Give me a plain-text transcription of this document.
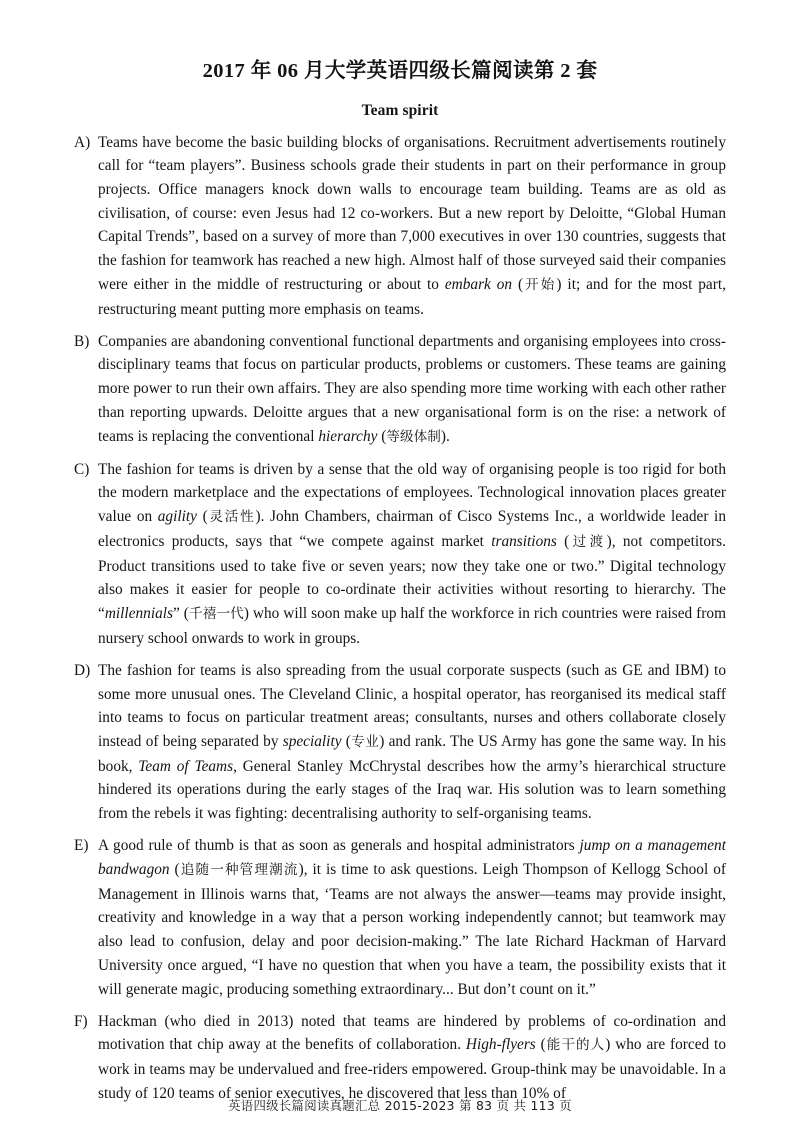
2017 年 06 月大学英语四级长篇阅读第 2 套
Team spirit
A) Teams have become the basic building blocks of organisations. Recruitment advertisements routinely call for “team players”. Business schools grade their students in part on their performance in group projects. Office managers knock down walls to encourage team building. Teams are as old as civilisation, of course: even Jesus had 12 co-workers. But a new report by Deloitte, “Global Human Capital Trends”, based on a survey of more than 7,000 executives in over 130 countries, suggests that the fashion for teamwork has reached a new high. Almost half of those surveyed said their companies were either in the middle of restructuring or about to embark on (开始) it; and for the most part, restructuring meant putting more emphasis on teams.
B) Companies are abandoning conventional functional departments and organising employees into cross-disciplinary teams that focus on particular products, problems or customers. These teams are gaining more power to run their own affairs. They are also spending more time working with each other rather than reporting upwards. Deloitte argues that a new organisational form is on the rise: a network of teams is replacing the conventional hierarchy (等级体制).
C) The fashion for teams is driven by a sense that the old way of organising people is too rigid for both the modern marketplace and the expectations of employees. Technological innovation places greater value on agility (灵活性). John Chambers, chairman of Cisco Systems Inc., a worldwide leader in electronics products, says that “we compete against market transitions (过渡), not competitors. Product transitions used to take five or seven years; now they take one or two.” Digital technology also makes it easier for people to co-ordinate their activities without resorting to hierarchy. The “millennials” (千禧一代) who will soon make up half the workforce in rich countries were raised from nursery school onwards to work in groups.
D) The fashion for teams is also spreading from the usual corporate suspects (such as GE and IBM) to some more unusual ones. The Cleveland Clinic, a hospital operator, has reorganised its medical staff into teams to focus on particular treatment areas; consultants, nurses and others collaborate closely instead of being separated by speciality (专业) and rank. The US Army has gone the same way. In his book, Team of Teams, General Stanley McChrystal describes how the army’s hierarchical structure hindered its operations during the early stages of the Iraq war. His solution was to learn something from the rebels it was fighting: decentralising authority to self-organising teams.
E) A good rule of thumb is that as soon as generals and hospital administrators jump on a management bandwagon (追随一种管理潮流), it is time to ask questions. Leigh Thompson of Kellogg School of Management in Illinois warns that, ‘Teams are not always the answer—teams may provide insight, creativity and knowledge in a way that a person working independently cannot; but teamwork may also lead to confusion, delay and poor decision-making.” The late Richard Hackman of Harvard University once argued, “I have no question that when you have a team, the possibility exists that it will generate magic, producing something extraordinary... But don’t count on it.”
F) Hackman (who died in 2013) noted that teams are hindered by problems of co-ordination and motivation that chip away at the benefits of collaboration. High-flyers (能干的人) who are forced to work in teams may be undervalued and free-riders empowered. Group-think may be unavoidable. In a study of 120 teams of senior executives, he discovered that less than 10% of
英语四级长篇阅读真题汇总 2015-2023 第 83 页 共 113 页
